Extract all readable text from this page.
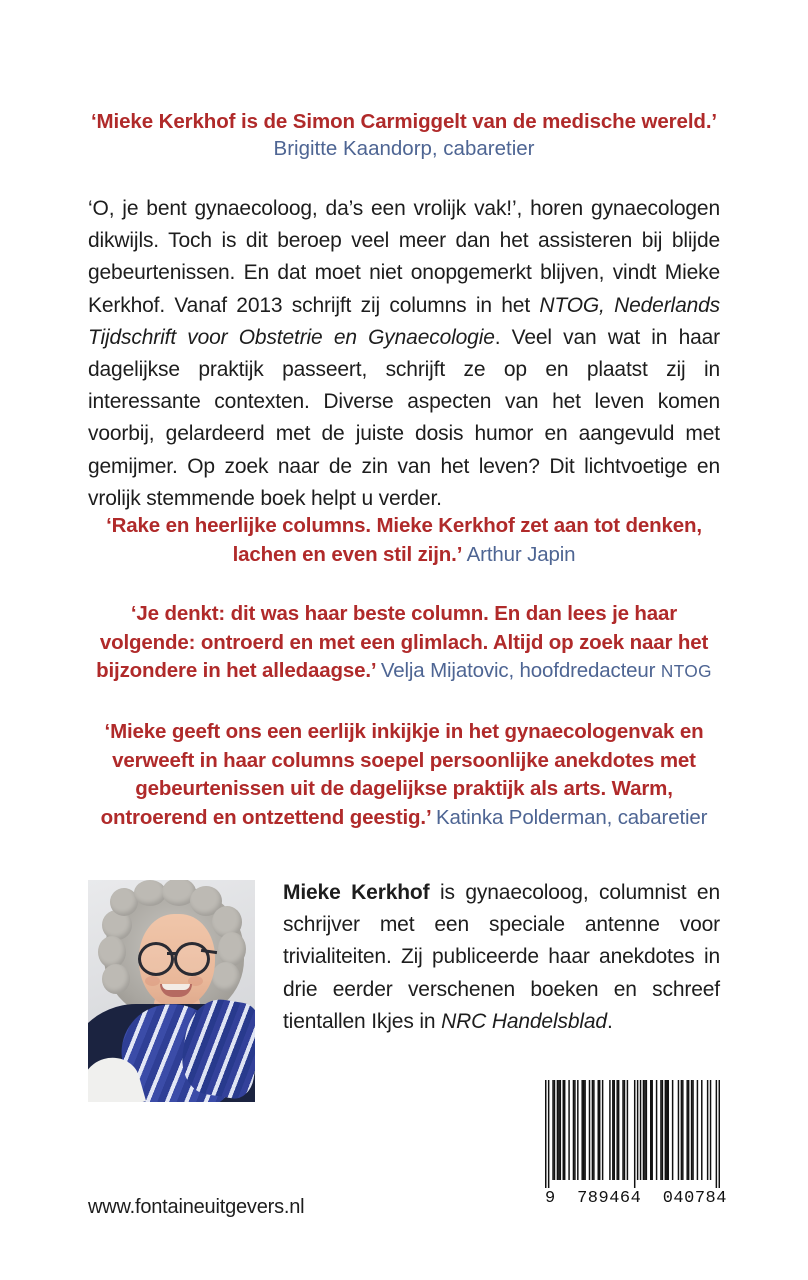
‘Mieke Kerkhof is de Simon Carmiggelt van de medische wereld.’

Brigitte Kaandorp, cabaretier

‘O, je bent gynaecoloog, da’s een vrolijk vak!’, horen gynaecologen dikwijls. Toch is dit beroep veel meer dan het assisteren bij blijde gebeurtenissen. En dat moet niet onopgemerkt blijven, vindt Mieke Kerkhof. Vanaf 2013 schrijft zij columns in het NTOG, Nederlands Tijdschrift voor Obstetrie en Gynaecologie. Veel van wat in haar dagelijkse praktijk passeert, schrijft ze op en plaatst zij in interessante contexten. Diverse aspecten van het leven komen voorbij, gelardeerd met de juiste dosis humor en aangevuld met gemijmer. Op zoek naar de zin van het leven? Dit lichtvoetige en vrolijk stemmende boek helpt u verder.

‘Rake en heerlijke columns. Mieke Kerkhof zet aan tot denken, lachen en even stil zijn.’ Arthur Japin

‘Je denkt: dit was haar beste column. En dan lees je haar volgende: ontroerd en met een glimlach. Altijd op zoek naar het bijzondere in het alledaagse.’ Velja Mijatovic, hoofdredacteur NTOG

‘Mieke geeft ons een eerlijk inkijkje in het gynaecologenvak en verweeft in haar columns soepel persoonlijke anekdotes met gebeurtenissen uit de dagelijkse praktijk als arts. Warm, ontroerend en ontzettend geestig.’ Katinka Polderman, cabaretier

Mieke Kerkhof is gynaecoloog, columnist en schrijver met een speciale antenne voor trivialiteiten. Zij publiceerde haar anekdotes in drie eerder verschenen boeken en schreef tientallen Ikjes in NRC Handelsblad.

www.fontaineuitgevers.nl	9  789464  040784
